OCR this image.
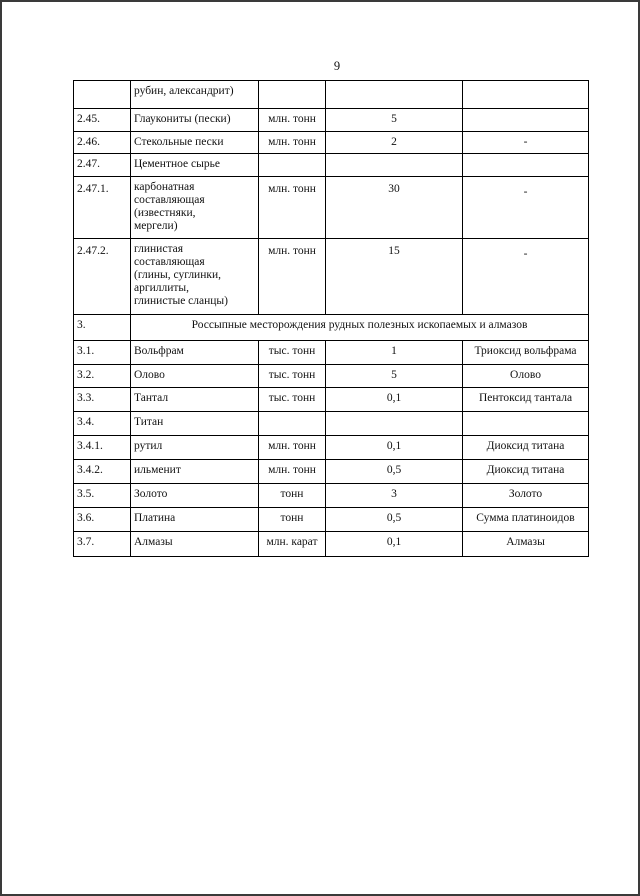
9
	рубин, александрит)			
2.45.	Глаукониты (пески)	млн. тонн	5	
2.46.	Стекольные пески	млн. тонн	2	-
2.47.	Цементное сырье			
2.47.1.	карбонатная
составляющая
(известняки,
мергели)	млн. тонн	30	-
2.47.2.	глинистая
составляющая
(глины, суглинки,
аргиллиты,
глинистые сланцы)	млн. тонн	15	-
3.	Россыпные месторождения рудных полезных ископаемых и алмазов			
3.1.	Вольфрам	тыс. тонн	1	Триоксид вольфрама
3.2.	Олово	тыс. тонн	5	Олово
3.3.	Тантал	тыс. тонн	0,1	Пентоксид тантала
3.4.	Титан			
3.4.1.	рутил	млн. тонн	0,1	Диоксид титана
3.4.2.	ильменит	млн. тонн	0,5	Диоксид титана
3.5.	Золото	тонн	3	Золото
3.6.	Платина	тонн	0,5	Сумма платиноидов
3.7.	Алмазы	млн. карат	0,1	Алмазы
